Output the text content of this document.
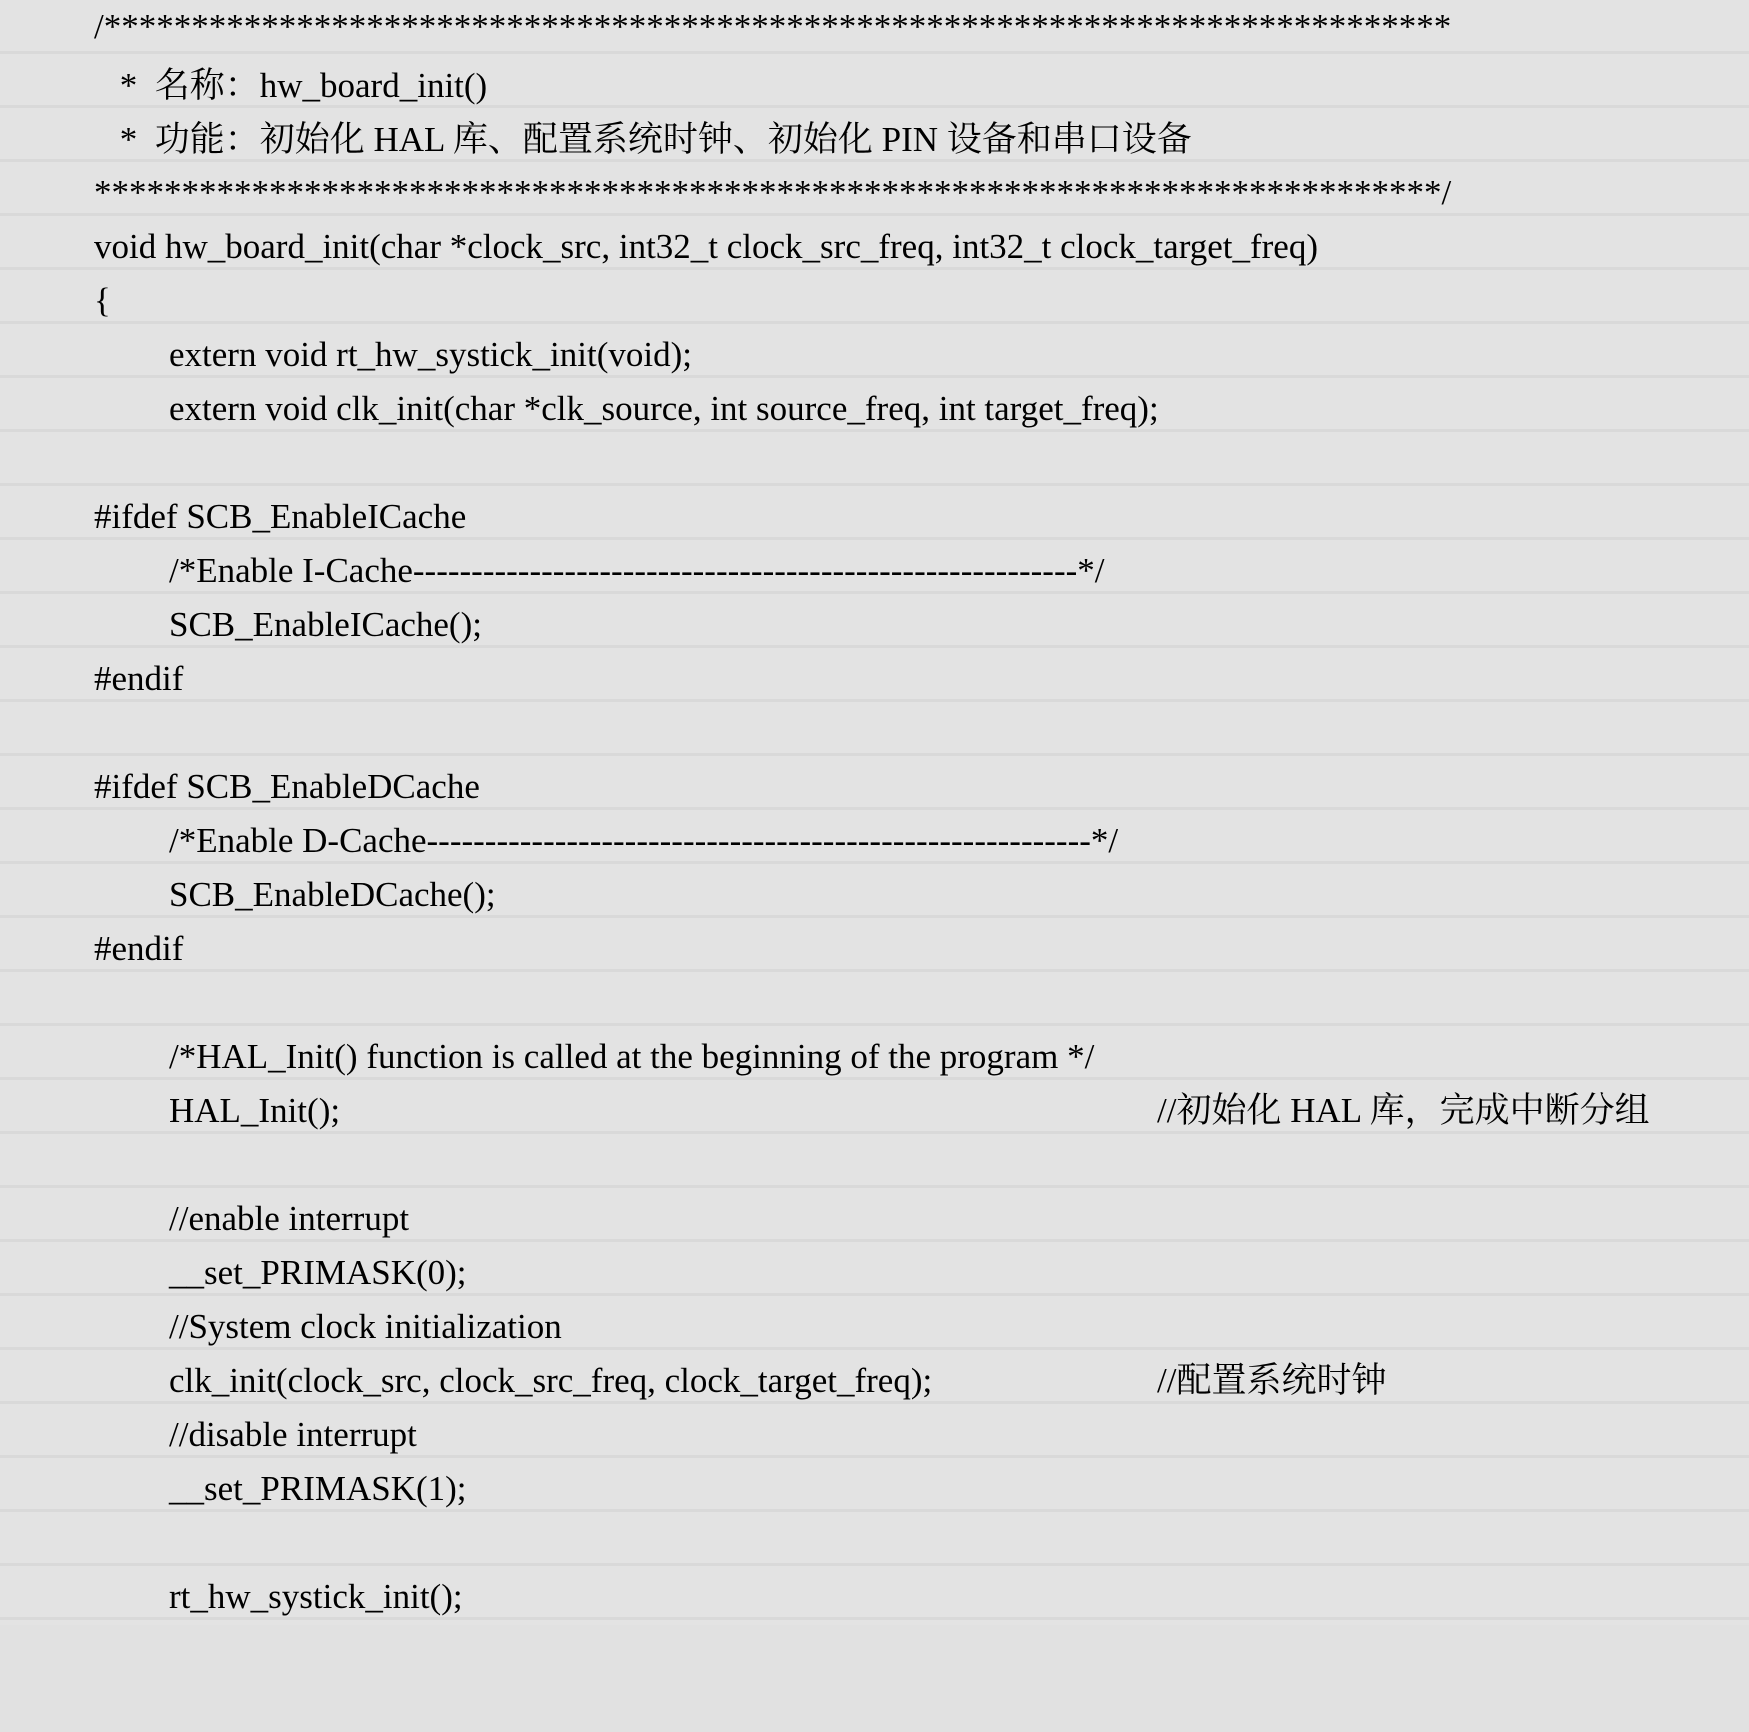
/*****************************************************************************

*  名称：hw_board_init()

*  功能：初始化 HAL 库、配置系统时钟、初始化 PIN 设备和串口设备

*****************************************************************************/

void hw_board_init(char *clock_src, int32_t clock_src_freq, int32_t clock_target_freq)

{

extern void rt_hw_systick_init(void);

extern void clk_init(char *clk_source, int source_freq, int target_freq);

#ifdef SCB_EnableICache

/*Enable I-Cache---------------------------------------------------------*/

SCB_EnableICache();

#endif

#ifdef SCB_EnableDCache

/*Enable D-Cache---------------------------------------------------------*/

SCB_EnableDCache();

#endif

/*HAL_Init() function is called at the beginning of the program */

HAL_Init();

	//初始化 HAL 库，完成中断分组

//enable interrupt

__set_PRIMASK(0);

//System clock initialization

clk_init(clock_src, clock_src_freq, clock_target_freq);

	//配置系统时钟

//disable interrupt

__set_PRIMASK(1);

rt_hw_systick_init();
